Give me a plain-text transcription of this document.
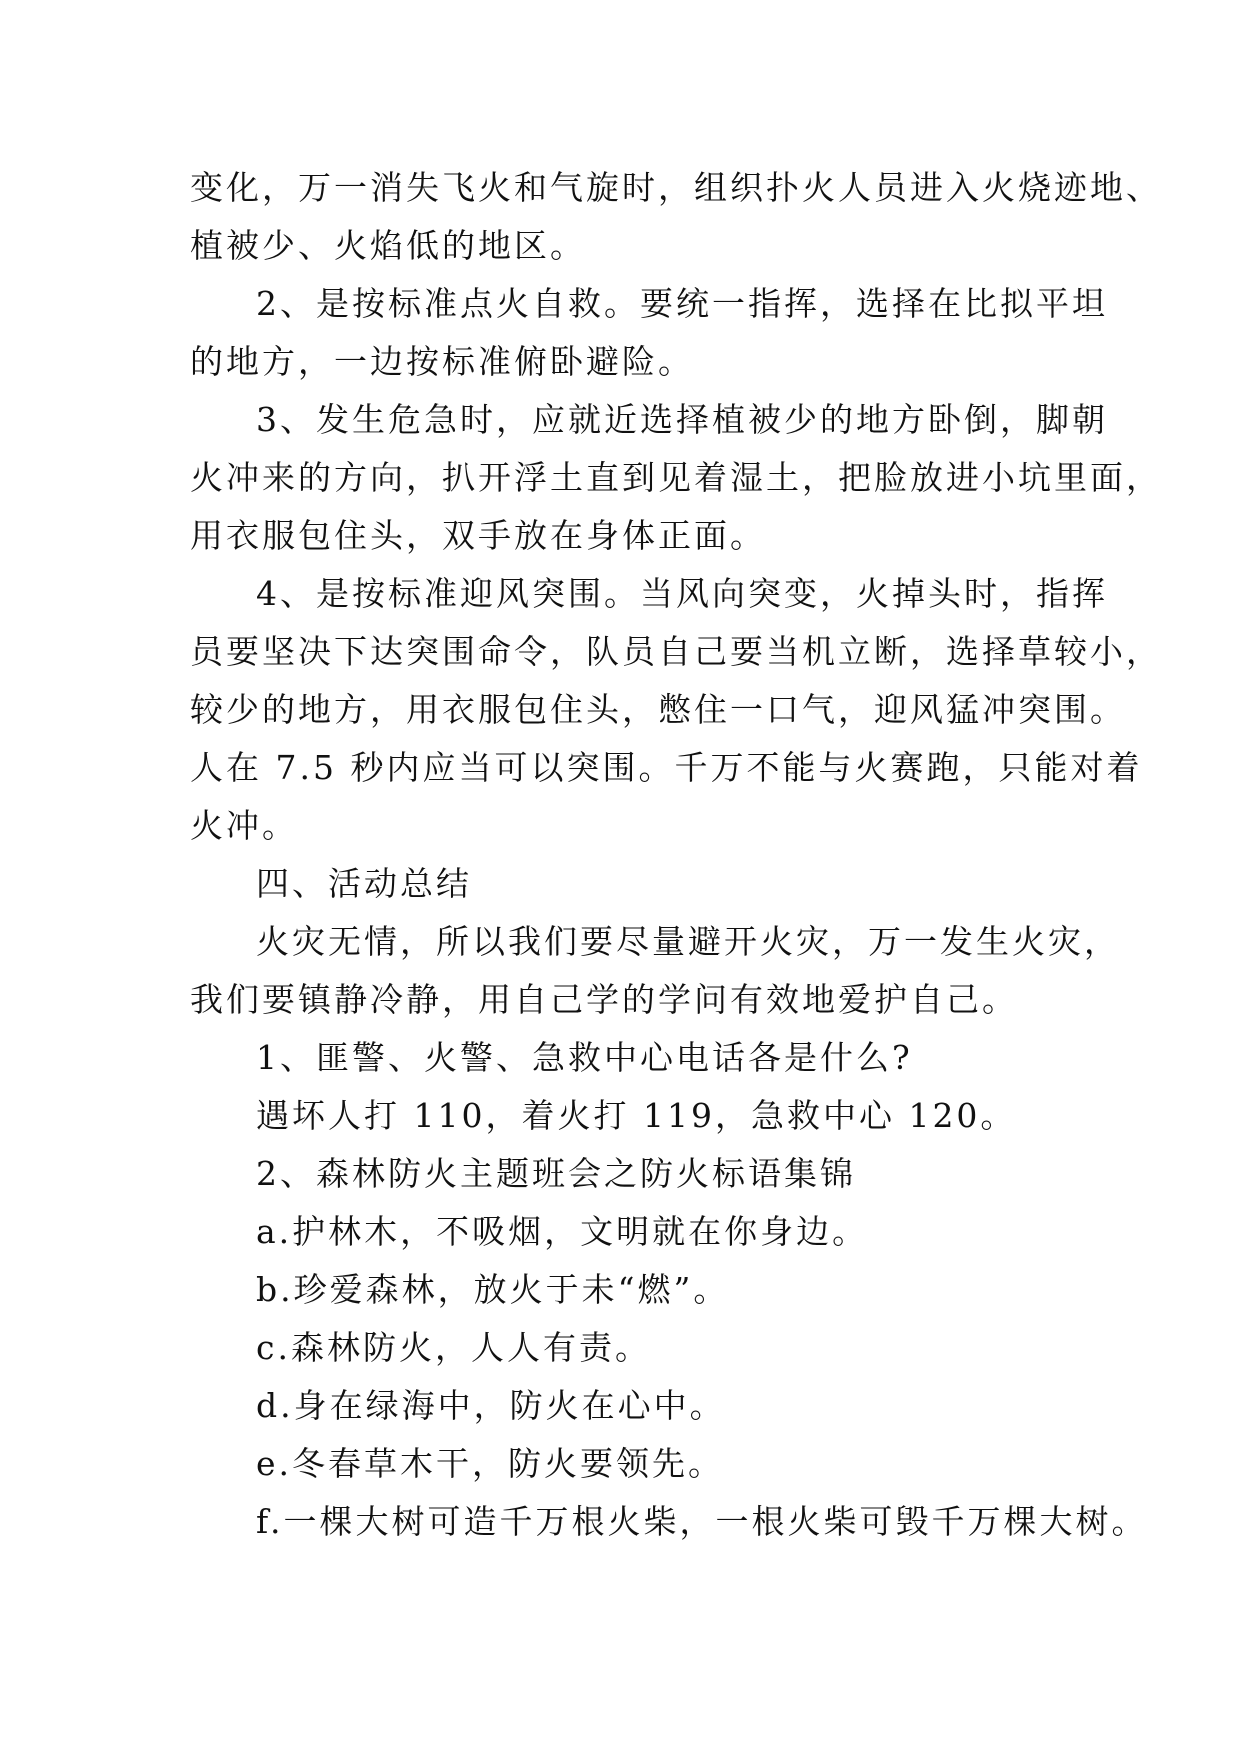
变化，万一消失飞火和气旋时，组织扑火人员进入火烧迹地、
植被少、火焰低的地区。
2、是按标准点火自救。要统一指挥，选择在比拟平坦
的地方，一边按标准俯卧避险。
3、发生危急时，应就近选择植被少的地方卧倒，脚朝
火冲来的方向，扒开浮土直到见着湿土，把脸放进小坑里面，
用衣服包住头，双手放在身体正面。
4、是按标准迎风突围。当风向突变，火掉头时，指挥
员要坚决下达突围命令，队员自己要当机立断，选择草较小，
较少的地方，用衣服包住头，憋住一口气，迎风猛冲突围。
人在 7.5 秒内应当可以突围。千万不能与火赛跑，只能对着
火冲。
四、活动总结
火灾无情，所以我们要尽量避开火灾，万一发生火灾，
我们要镇静冷静，用自己学的学问有效地爱护自己。
1、匪警、火警、急救中心电话各是什么?
遇坏人打 110，着火打 119，急救中心 120。
2、森林防火主题班会之防火标语集锦
a.护林木，不吸烟，文明就在你身边。
b.珍爱森林，放火于未“燃”。
c.森林防火，人人有责。
d.身在绿海中，防火在心中。
e.冬春草木干，防火要领先。
f.一棵大树可造千万根火柴，一根火柴可毁千万棵大树。
